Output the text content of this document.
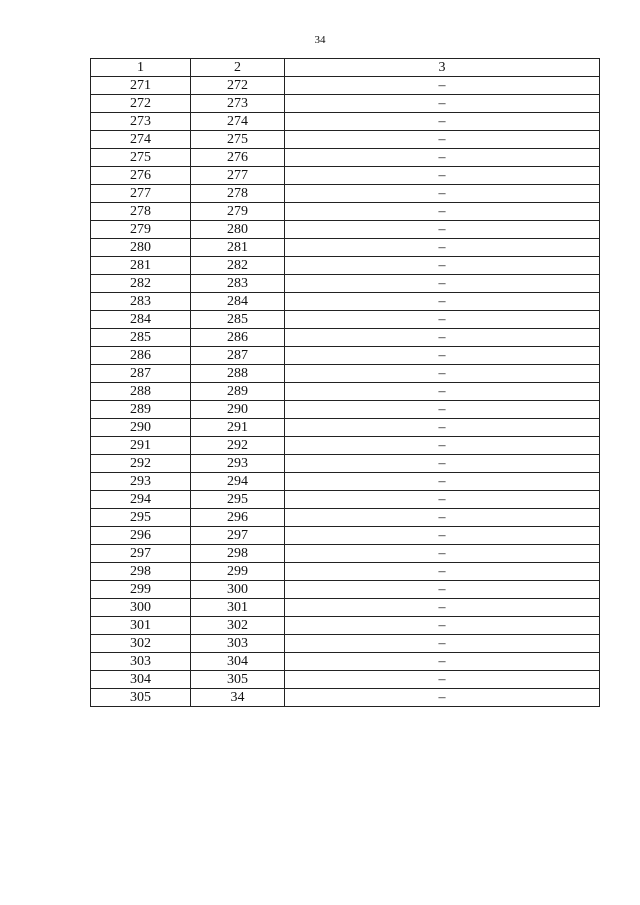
34
1	2	3
271	272	–
272	273	–
273	274	–
274	275	–
275	276	–
276	277	–
277	278	–
278	279	–
279	280	–
280	281	–
281	282	–
282	283	–
283	284	–
284	285	–
285	286	–
286	287	–
287	288	–
288	289	–
289	290	–
290	291	–
291	292	–
292	293	–
293	294	–
294	295	–
295	296	–
296	297	–
297	298	–
298	299	–
299	300	–
300	301	–
301	302	–
302	303	–
303	304	–
304	305	–
305	34	–
